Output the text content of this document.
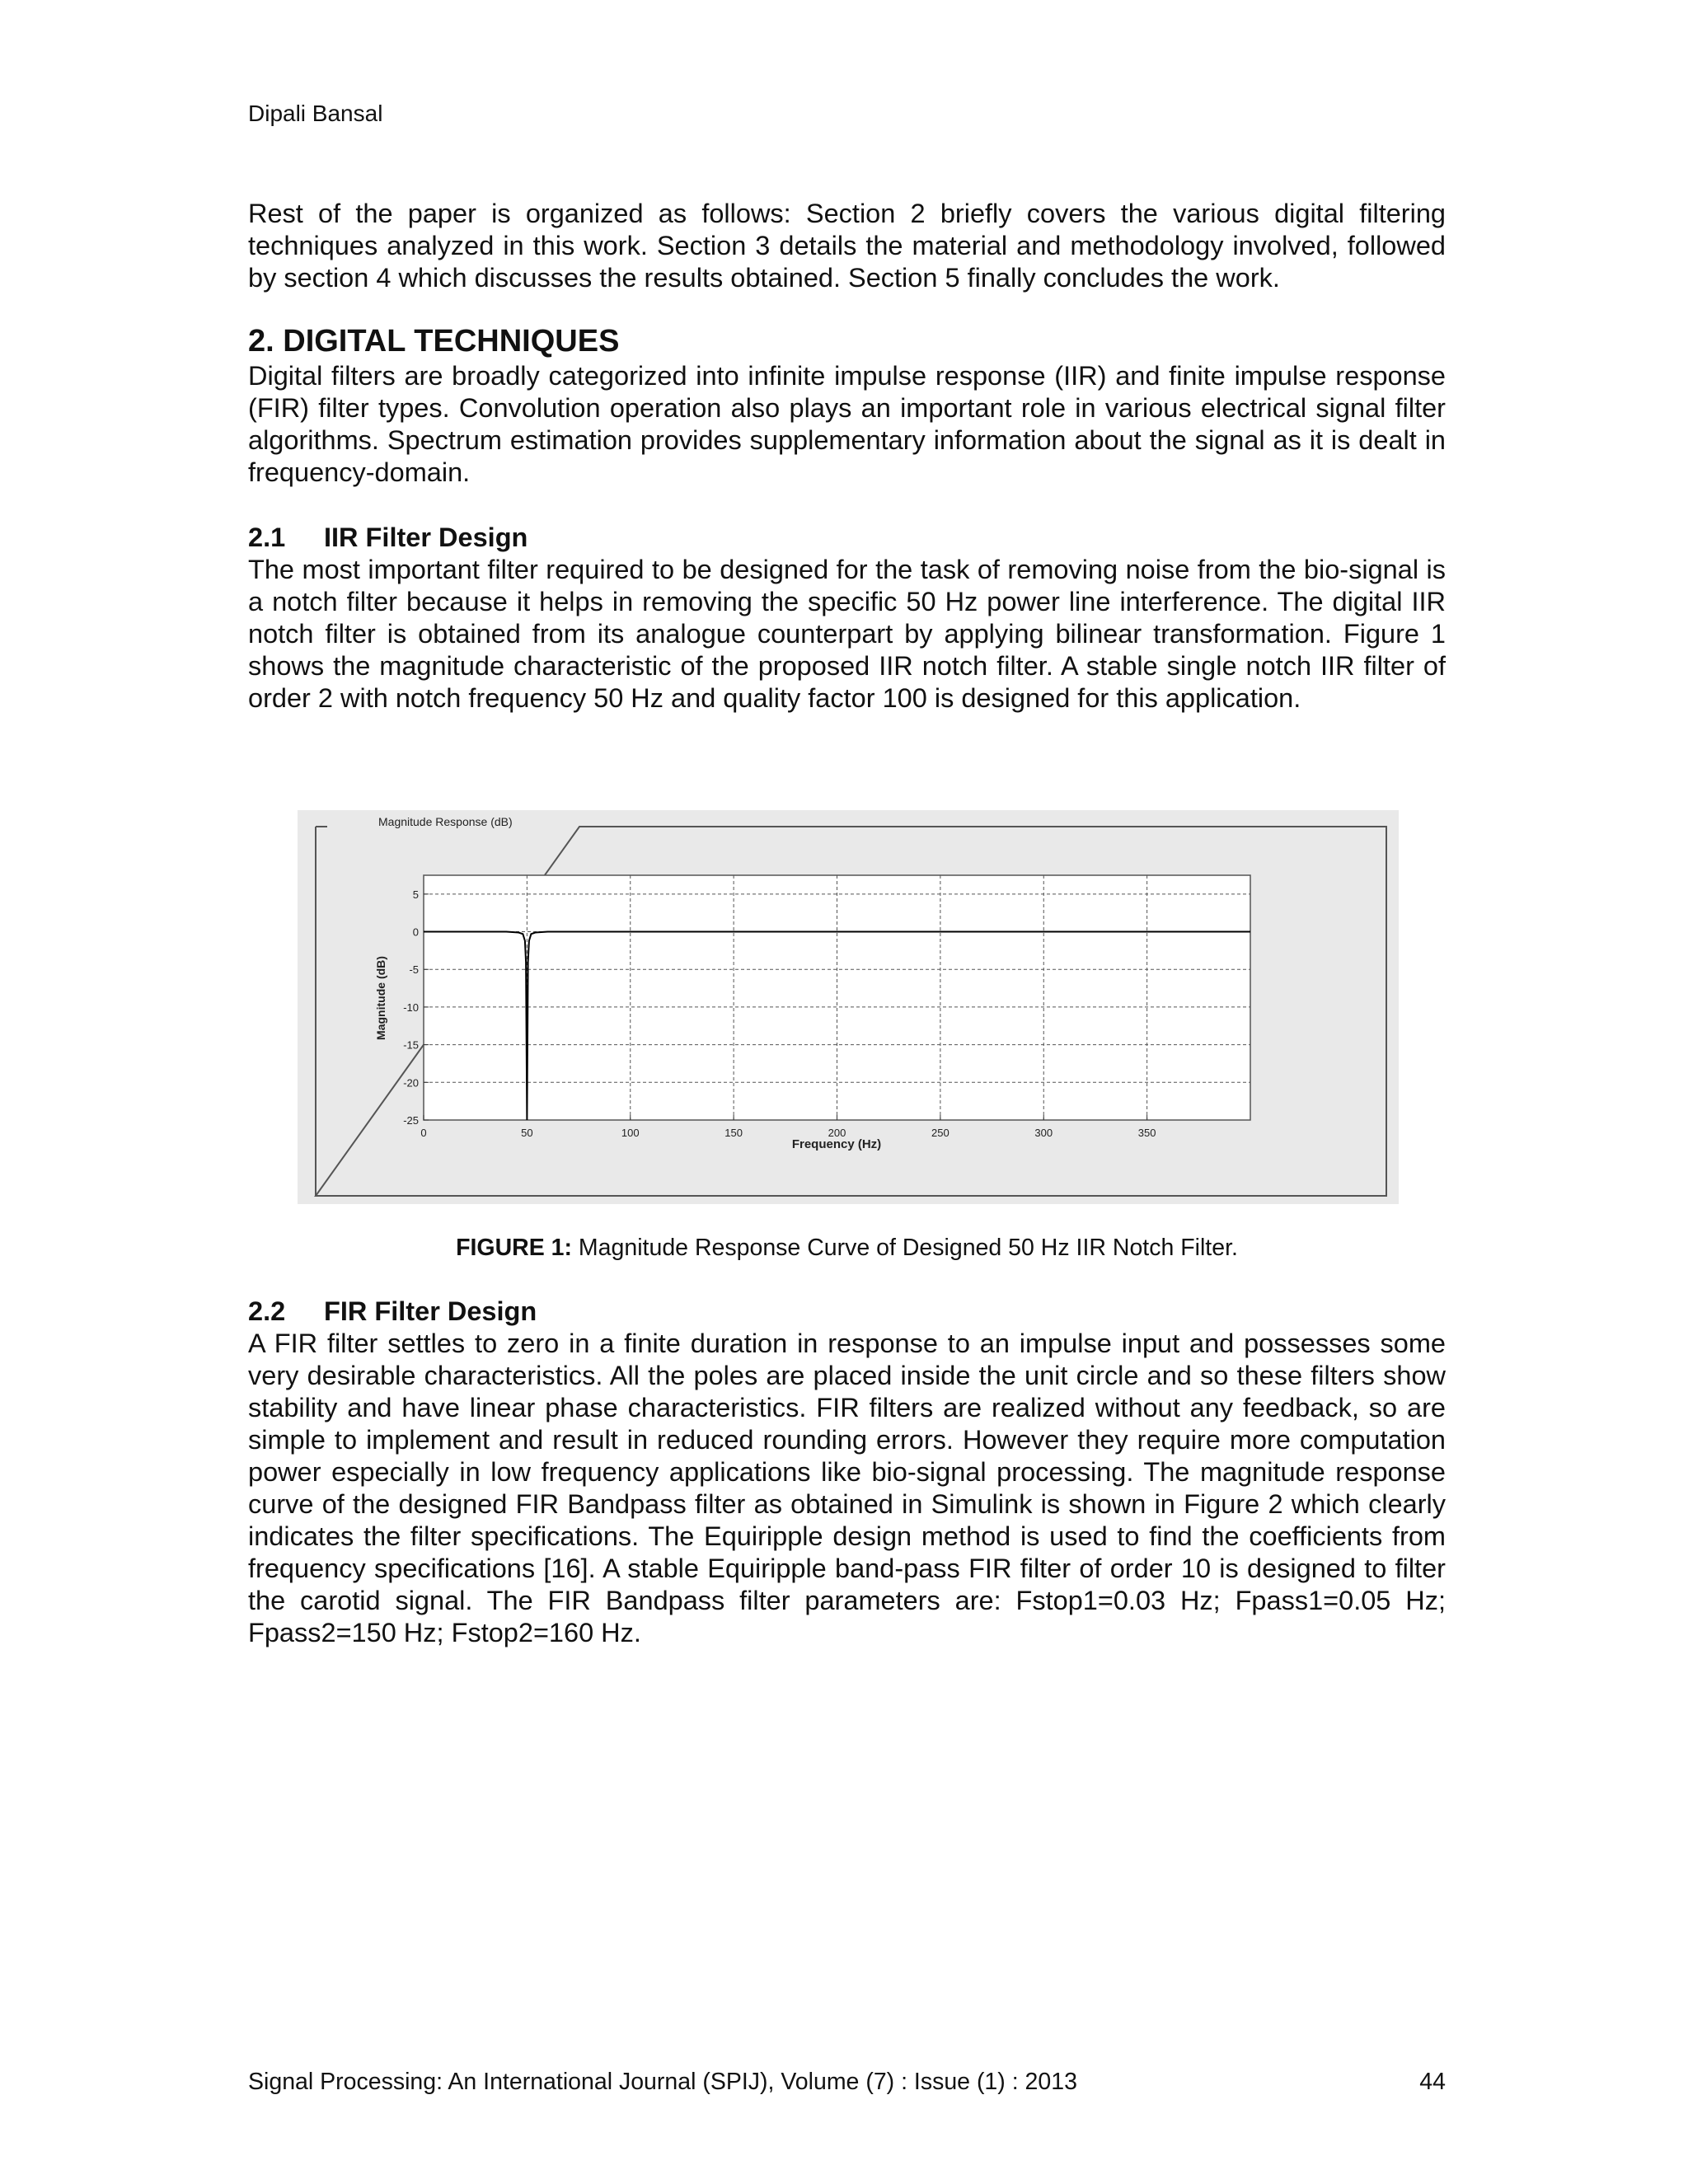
Dipali Bansal

Rest of the paper is organized as follows: Section 2 briefly covers the various digital filtering techniques analyzed in this work. Section 3 details the material and methodology involved, followed by section 4 which discusses the results obtained. Section 5 finally concludes the work.

2. DIGITAL TECHNIQUES

Digital filters are broadly categorized into infinite impulse response (IIR) and finite impulse response (FIR) filter types. Convolution operation also plays an important role in various electrical signal filter algorithms. Spectrum estimation provides supplementary information about the signal as it is dealt in frequency-domain.

2.1	IIR Filter Design

The most important filter required to be designed for the task of removing noise from the bio-signal is a notch filter because it helps in removing the specific 50 Hz power line interference. The digital IIR notch filter is obtained from its analogue counterpart by applying bilinear transformation. Figure 1 shows the magnitude characteristic of the proposed IIR notch filter. A stable single notch IIR filter of order 2 with notch frequency 50 Hz and quality factor 100 is designed for this application.

Magnitude Response (dB)
0	50	100	150	200	250	300	350
5
0
-5
-10
-15
-20
-25
Frequency (Hz)
Magnitude (dB)
FIGURE 1: Magnitude Response Curve of Designed 50 Hz IIR Notch Filter.
2.2	FIR Filter Design

A FIR filter settles to zero in a finite duration in response to an impulse input and possesses some very desirable characteristics. All the poles are placed inside the unit circle and so these filters show stability and have linear phase characteristics. FIR filters are realized without any feedback, so are simple to implement and result in reduced rounding errors. However they require more computation power especially in low frequency applications like bio-signal processing. The magnitude response curve of the designed FIR Bandpass filter as obtained in Simulink is shown in Figure 2 which clearly indicates the filter specifications. The Equiripple design method is used to find the coefficients from frequency specifications [16]. A stable Equiripple band-pass FIR filter of order 10 is designed to filter the carotid signal. The FIR Bandpass filter parameters are: Fstop1=0.03 Hz; Fpass1=0.05 Hz; Fpass2=150 Hz; Fstop2=160 Hz.

Signal Processing: An International Journal (SPIJ), Volume (7) : Issue (1) : 2013	44
